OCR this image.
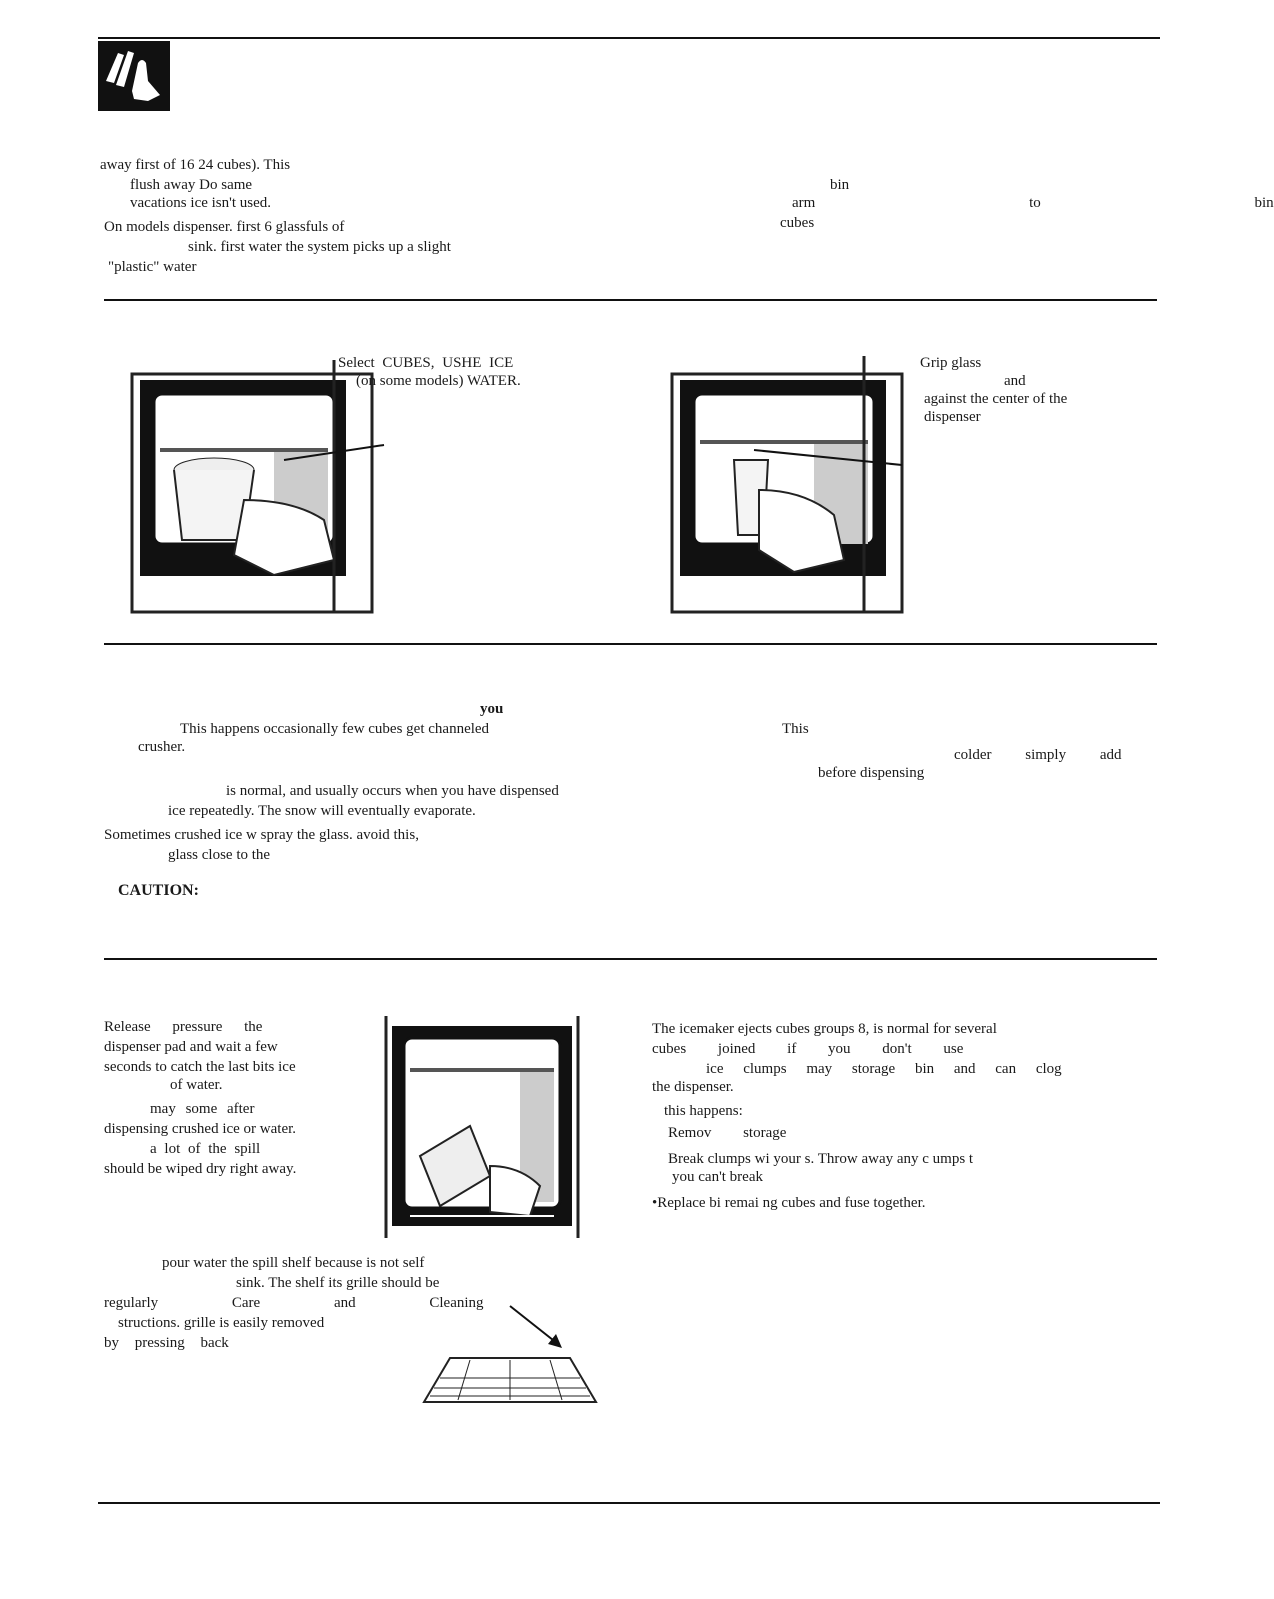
away first of 16 24 cubes). This
flush away Do same
vacations ice isn't used.
On models dispenser. first 6 glassfuls of
sink. first water the system picks up a slight
"plastic" water
bin
arm to bin
cubes
Select CUBES, USHE ICE
(on some models) WATER.
Grip glass
and
against the center of the
dispenser
you
This happens occasionally few cubes get channeled
crusher.
is normal, and usually occurs when you have dispensed
ice repeatedly. The snow will eventually evaporate.
Sometimes crushed ice w spray the glass. avoid this,
glass close to the
CAUTION:
This
colder simply add
before dispensing
Release pressure the
dispenser pad and wait a few
seconds to catch the last bits ice
of water.
may some after
dispensing crushed ice or water.
a lot of the spill
should be wiped dry right away.
pour water the spill shelf because is not self
sink. The shelf its grille should be
regularly Care and Cleaning
structions. grille is easily removed
by pressing back
The icemaker ejects cubes groups 8, is normal for several
cubes joined if you don't use
ice clumps may storage bin and can clog
the dispenser.
this happens:
Remov storage
Break clumps wi your s. Throw away any c umps t
you can't break
•Replace bi remai ng cubes and fuse together.
